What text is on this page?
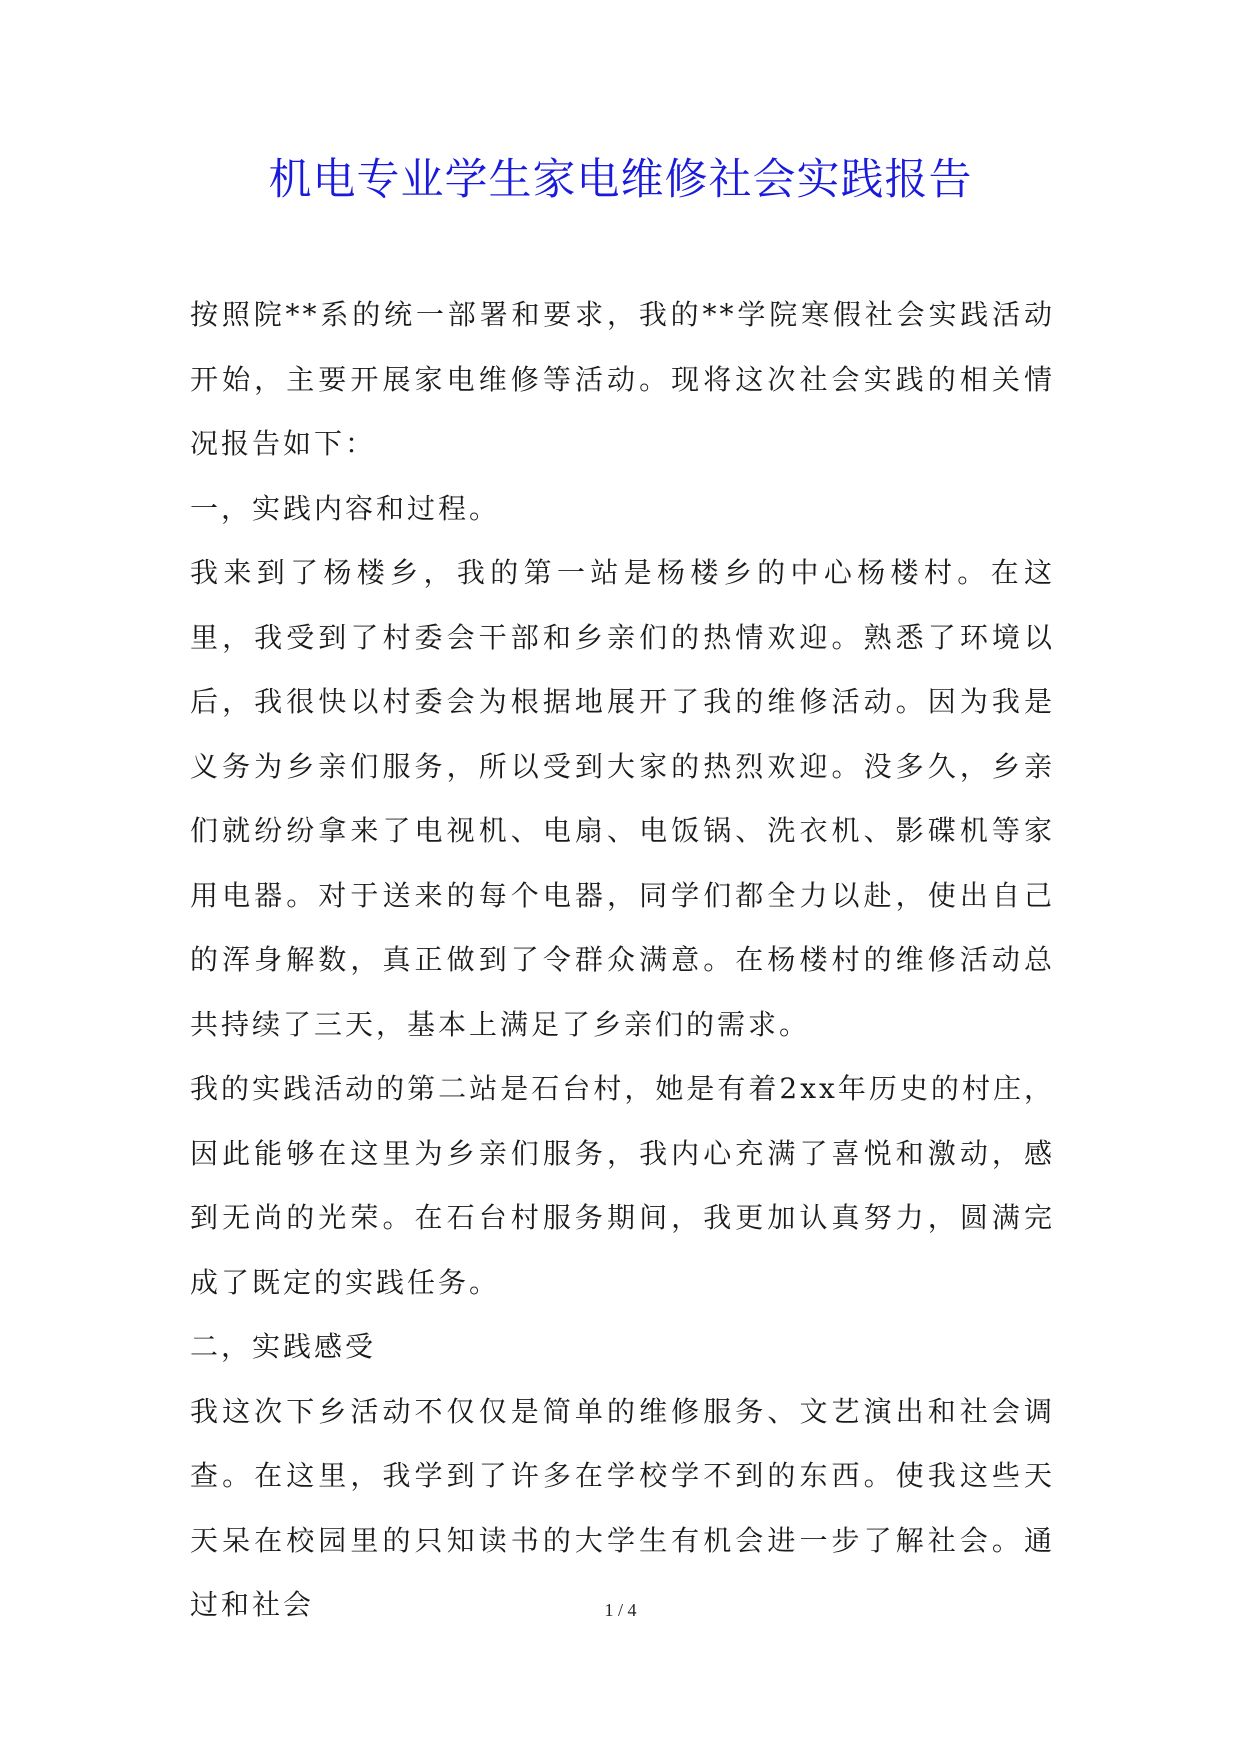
机电专业学生家电维修社会实践报告

按照院**系的统一部署和要求，我的**学院寒假社会实践活动开始，主要开展家电维修等活动。现将这次社会实践的相关情况报告如下：

一，实践内容和过程。

我来到了杨楼乡，我的第一站是杨楼乡的中心杨楼村。在这里，我受到了村委会干部和乡亲们的热情欢迎。熟悉了环境以后，我很快以村委会为根据地展开了我的维修活动。因为我是义务为乡亲们服务，所以受到大家的热烈欢迎。没多久，乡亲们就纷纷拿来了电视机、电扇、电饭锅、洗衣机、影碟机等家用电器。对于送来的每个电器，同学们都全力以赴，使出自己的浑身解数，真正做到了令群众满意。在杨楼村的维修活动总共持续了三天，基本上满足了乡亲们的需求。

我的实践活动的第二站是石台村，她是有着2xx年历史的村庄，因此能够在这里为乡亲们服务，我内心充满了喜悦和激动，感到无尚的光荣。在石台村服务期间，我更加认真努力，圆满完成了既定的实践任务。

二，实践感受

我这次下乡活动不仅仅是简单的维修服务、文艺演出和社会调查。在这里，我学到了许多在学校学不到的东西。使我这些天天呆在校园里的只知读书的大学生有机会进一步了解社会。通过和社会	1 / 4
